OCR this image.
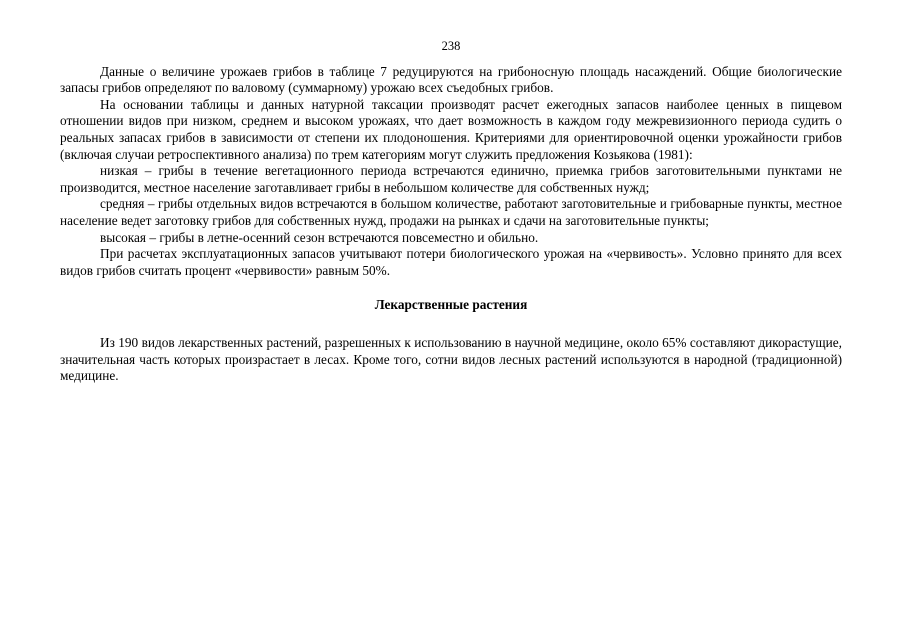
238

Данные о величине урожаев грибов в таблице 7 редуцируются на грибоносную площадь насаждений. Общие биологические запасы грибов определяют по валовому (суммарному) урожаю всех съедобных грибов.

На основании таблицы и данных натурной таксации производят расчет ежегодных запасов наиболее ценных в пищевом отношении видов при низком, среднем и высоком урожаях, что дает возможность в каждом году межревизионного периода судить о реальных запасах грибов в зависимости от степени их плодоношения. Критериями для ориентировочной оценки урожайности грибов (включая случаи ретроспективного анализа) по трем категориям могут служить предложения Козьякова (1981):

низкая – грибы в течение вегетационного периода встречаются единично, приемка грибов заготовительными пунктами не производится, местное население заготавливает грибы в небольшом количестве для собственных нужд;

средняя – грибы отдельных видов встречаются в большом количестве, работают заготовительные и грибоварные пункты, местное население ведет заготовку грибов для собственных нужд, продажи на рынках и сдачи на заготовительные пункты;

высокая – грибы в летне-осенний сезон встречаются повсеместно и обильно.

При расчетах эксплуатационных запасов учитывают потери биологического урожая на «червивость». Условно принято для всех видов грибов считать процент «червивости» равным 50%.

Лекарственные растения

Из 190 видов лекарственных растений, разрешенных к использованию в научной медицине, около 65% составляют дикорастущие, значительная часть которых произрастает в лесах. Кроме того, сотни видов лесных растений используются в народной (традиционной) медицине.
